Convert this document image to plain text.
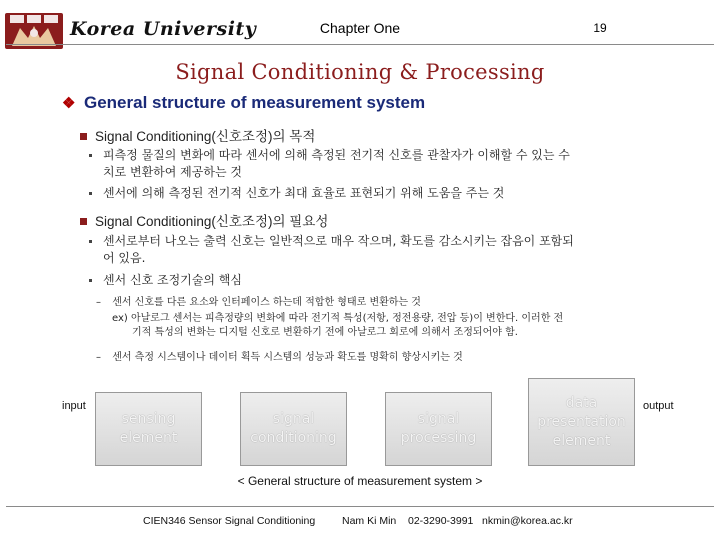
Korea University	Chapter One	19
Signal Conditioning & Processing
❖ General structure of measurement system
Signal Conditioning(신호조정)의 목적
피측정 물질의 변화에 따라 센서에 의해 측정된 전기적 신호를 관찰자가 이해할 수 있는 수
치로 변환하여 제공하는 것
센서에 의해 측정된 전기적 신호가 최대 효율로 표현되기 위해 도움을 주는 것
Signal Conditioning(신호조정)의 필요성
센서로부터 나오는 출력 신호는 일반적으로 매우 작으며, 확도를 감소시키는 잡음이 포함되
어 있음.
센서 신호 조정기술의 핵심
– 센서 신호를 다른 요소와 인터페이스 하는데 적합한 형태로 변환하는 것
ex) 아날로그 센서는 피측정량의 변화에 따라 전기적 특성(저항, 정전용량, 전압 등)이 변한다. 이러한 전
기적 특성의 변화는 디지털 신호로 변환하기 전에 아날로그 회로에 의해서 조정되어야 함.
– 센서 측정 시스템이나 데이터 획득 시스템의 성능과 확도를 명확히 향상시키는 것
input
sensing
element
signal
conditioning
signal
processing
data
presentation
element
output
< General structure of measurement system >
CIEN346 Sensor Signal Conditioning	Nam Ki Min 02-3290-3991 nkmin@korea.ac.kr
